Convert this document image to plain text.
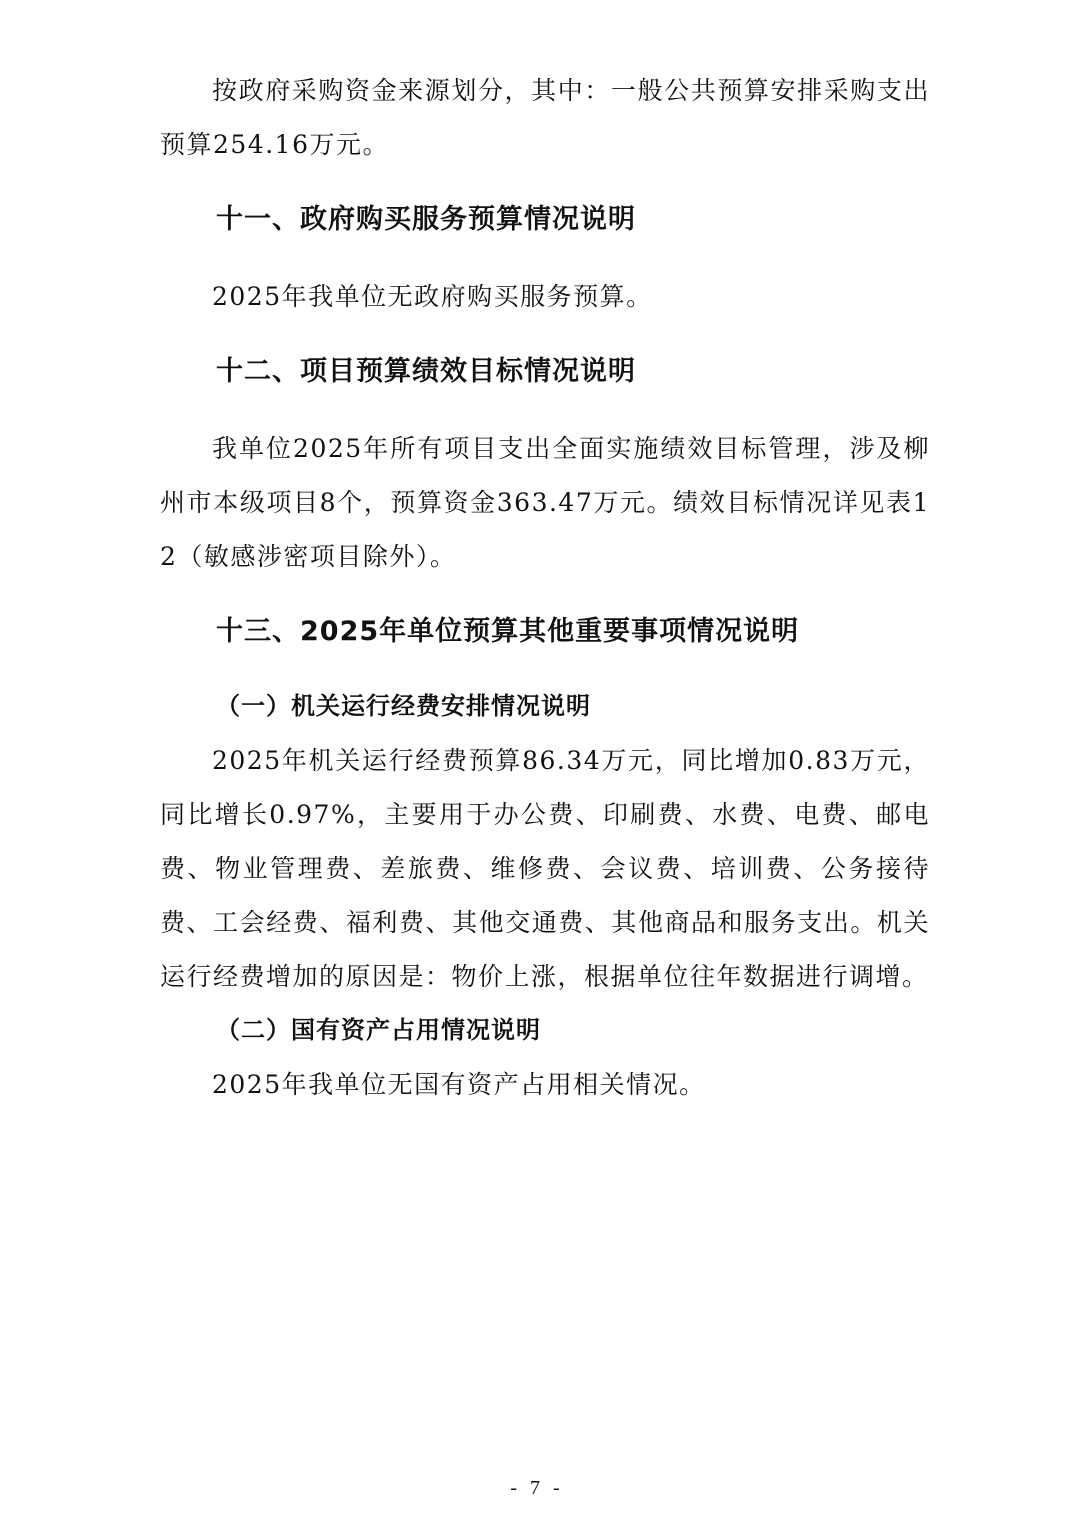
按政府采购资金来源划分，其中：一般公共预算安排采购支出预算254.16万元。

十一、政府购买服务预算情况说明

2025年我单位无政府购买服务预算。

十二、项目预算绩效目标情况说明

我单位2025年所有项目支出全面实施绩效目标管理，涉及柳州市本级项目8个，预算资金363.47万元。绩效目标情况详见表12（敏感涉密项目除外）。

十三、2025年单位预算其他重要事项情况说明
（一）机关运行经费安排情况说明

2025年机关运行经费预算86.34万元，同比增加0.83万元，同比增长0.97%，主要用于办公费、印刷费、水费、电费、邮电费、物业管理费、差旅费、维修费、会议费、培训费、公务接待费、工会经费、福利费、其他交通费、其他商品和服务支出。机关运行经费增加的原因是：物价上涨，根据单位往年数据进行调增。

（二）国有资产占用情况说明

2025年我单位无国有资产占用相关情况。

- 7 -
